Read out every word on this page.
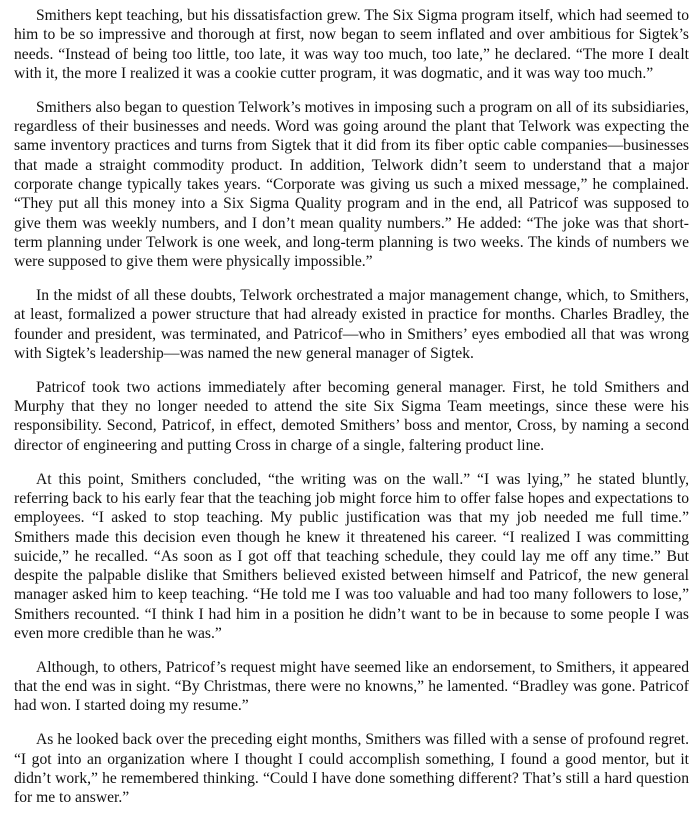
Smithers kept teaching, but his dissatisfaction grew. The Six Sigma program itself, which had seemed to him to be so impressive and thorough at first, now began to seem inflated and over ambitious for Sigtek’s needs. “Instead of being too little, too late, it was way too much, too late,” he declared. “The more I dealt with it, the more I realized it was a cookie cutter program, it was dogmatic, and it was way too much.”

Smithers also began to question Telwork’s motives in imposing such a program on all of its subsidiaries, regardless of their businesses and needs. Word was going around the plant that Telwork was expecting the same inventory practices and turns from Sigtek that it did from its fiber optic cable companies—businesses that made a straight commodity product. In addition, Telwork didn’t seem to understand that a major corporate change typically takes years. “Corporate was giving us such a mixed message,” he complained. “They put all this money into a Six Sigma Quality program and in the end, all Patricof was supposed to give them was weekly numbers, and I don’t mean quality numbers.” He added: “The joke was that short-term planning under Telwork is one week, and long-term planning is two weeks. The kinds of numbers we were supposed to give them were physically impossible.”

In the midst of all these doubts, Telwork orchestrated a major management change, which, to Smithers, at least, formalized a power structure that had already existed in practice for months. Charles Bradley, the founder and president, was terminated, and Patricof—who in Smithers’ eyes embodied all that was wrong with Sigtek’s leadership—was named the new general manager of Sigtek.

Patricof took two actions immediately after becoming general manager. First, he told Smithers and Murphy that they no longer needed to attend the site Six Sigma Team meetings, since these were his responsibility. Second, Patricof, in effect, demoted Smithers’ boss and mentor, Cross, by naming a second director of engineering and putting Cross in charge of a single, faltering product line.

At this point, Smithers concluded, “the writing was on the wall.” “I was lying,” he stated bluntly, referring back to his early fear that the teaching job might force him to offer false hopes and expectations to employees. “I asked to stop teaching. My public justification was that my job needed me full time.” Smithers made this decision even though he knew it threatened his career. “I realized I was committing suicide,” he recalled. “As soon as I got off that teaching schedule, they could lay me off any time.” But despite the palpable dislike that Smithers believed existed between himself and Patricof, the new general manager asked him to keep teaching. “He told me I was too valuable and had too many followers to lose,” Smithers recounted. “I think I had him in a position he didn’t want to be in because to some people I was even more credible than he was.”

Although, to others, Patricof’s request might have seemed like an endorsement, to Smithers, it appeared that the end was in sight. “By Christmas, there were no knowns,” he lamented. “Bradley was gone. Patricof had won. I started doing my resume.”

As he looked back over the preceding eight months, Smithers was filled with a sense of profound regret. “I got into an organization where I thought I could accomplish something, I found a good mentor, but it didn’t work,” he remembered thinking. “Could I have done something different? That’s still a hard question for me to answer.”
